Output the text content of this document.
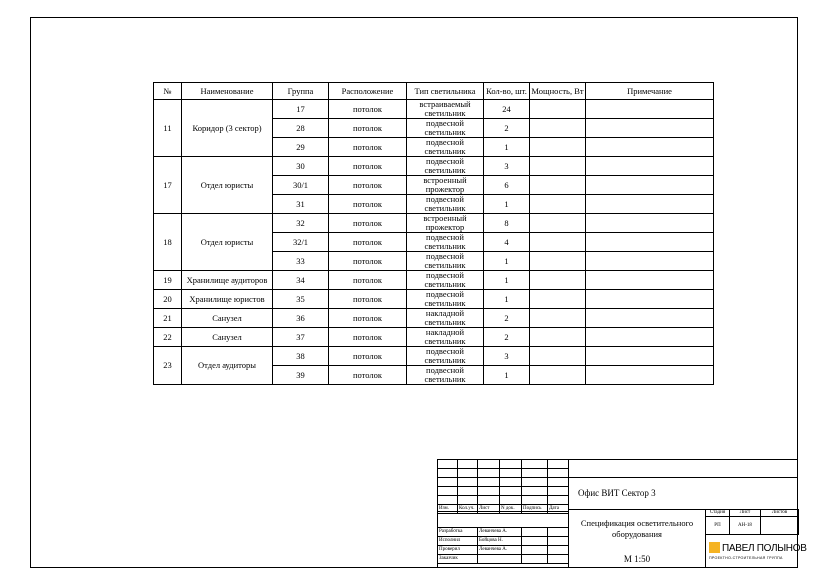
№	Наименование	Группа	Расположение	Тип светильника	Кол-во, шт.	Мощность, Вт	Примечание
11	Коридор (3 сектор)	17	потолок	встраиваемый светильник	24		
		28	потолок	подвесной светильник	2		
		29	потолок	подвесной светильник	1		
17	Отдел юристы	30	потолок	подвесной светильник	3		
		30/1	потолок	встроенный прожектор	6		
		31	потолок	подвесной светильник	1		
18	Отдел юристы	32	потолок	встроенный прожектор	8		
		32/1	потолок	подвесной светильник	4		
		33	потолок	подвесной светильник	1		
19	Хранилище аудиторов	34	потолок	подвесной светильник	1		
20	Хранилище юристов	35	потолок	подвесной светильник	1		
21	Санузел	36	потолок	накладной светильник	2		
22	Санузел	37	потолок	накладной светильник	2		
23	Отдел аудиторы	38	потолок	подвесной светильник	3		
		39	потолок	подвесной светильник	1		

Изм.	Кол.уч.	Лист	N док.	Подпись	Дата
Разработка	Леванчева А.		
Исполнил	Бойцова Н.		
Проверил	Леванчева А.		
Заказчик			
Офис ВИТ Сектор 3
Спецификация осветительного оборудования
М 1:50
Стадия	Лист	Листов
РП	АН-18	
ПАВЕЛ ПОЛЫНОВ
ПРОЕКТНО-СТРОИТЕЛЬНАЯ ГРУППА
